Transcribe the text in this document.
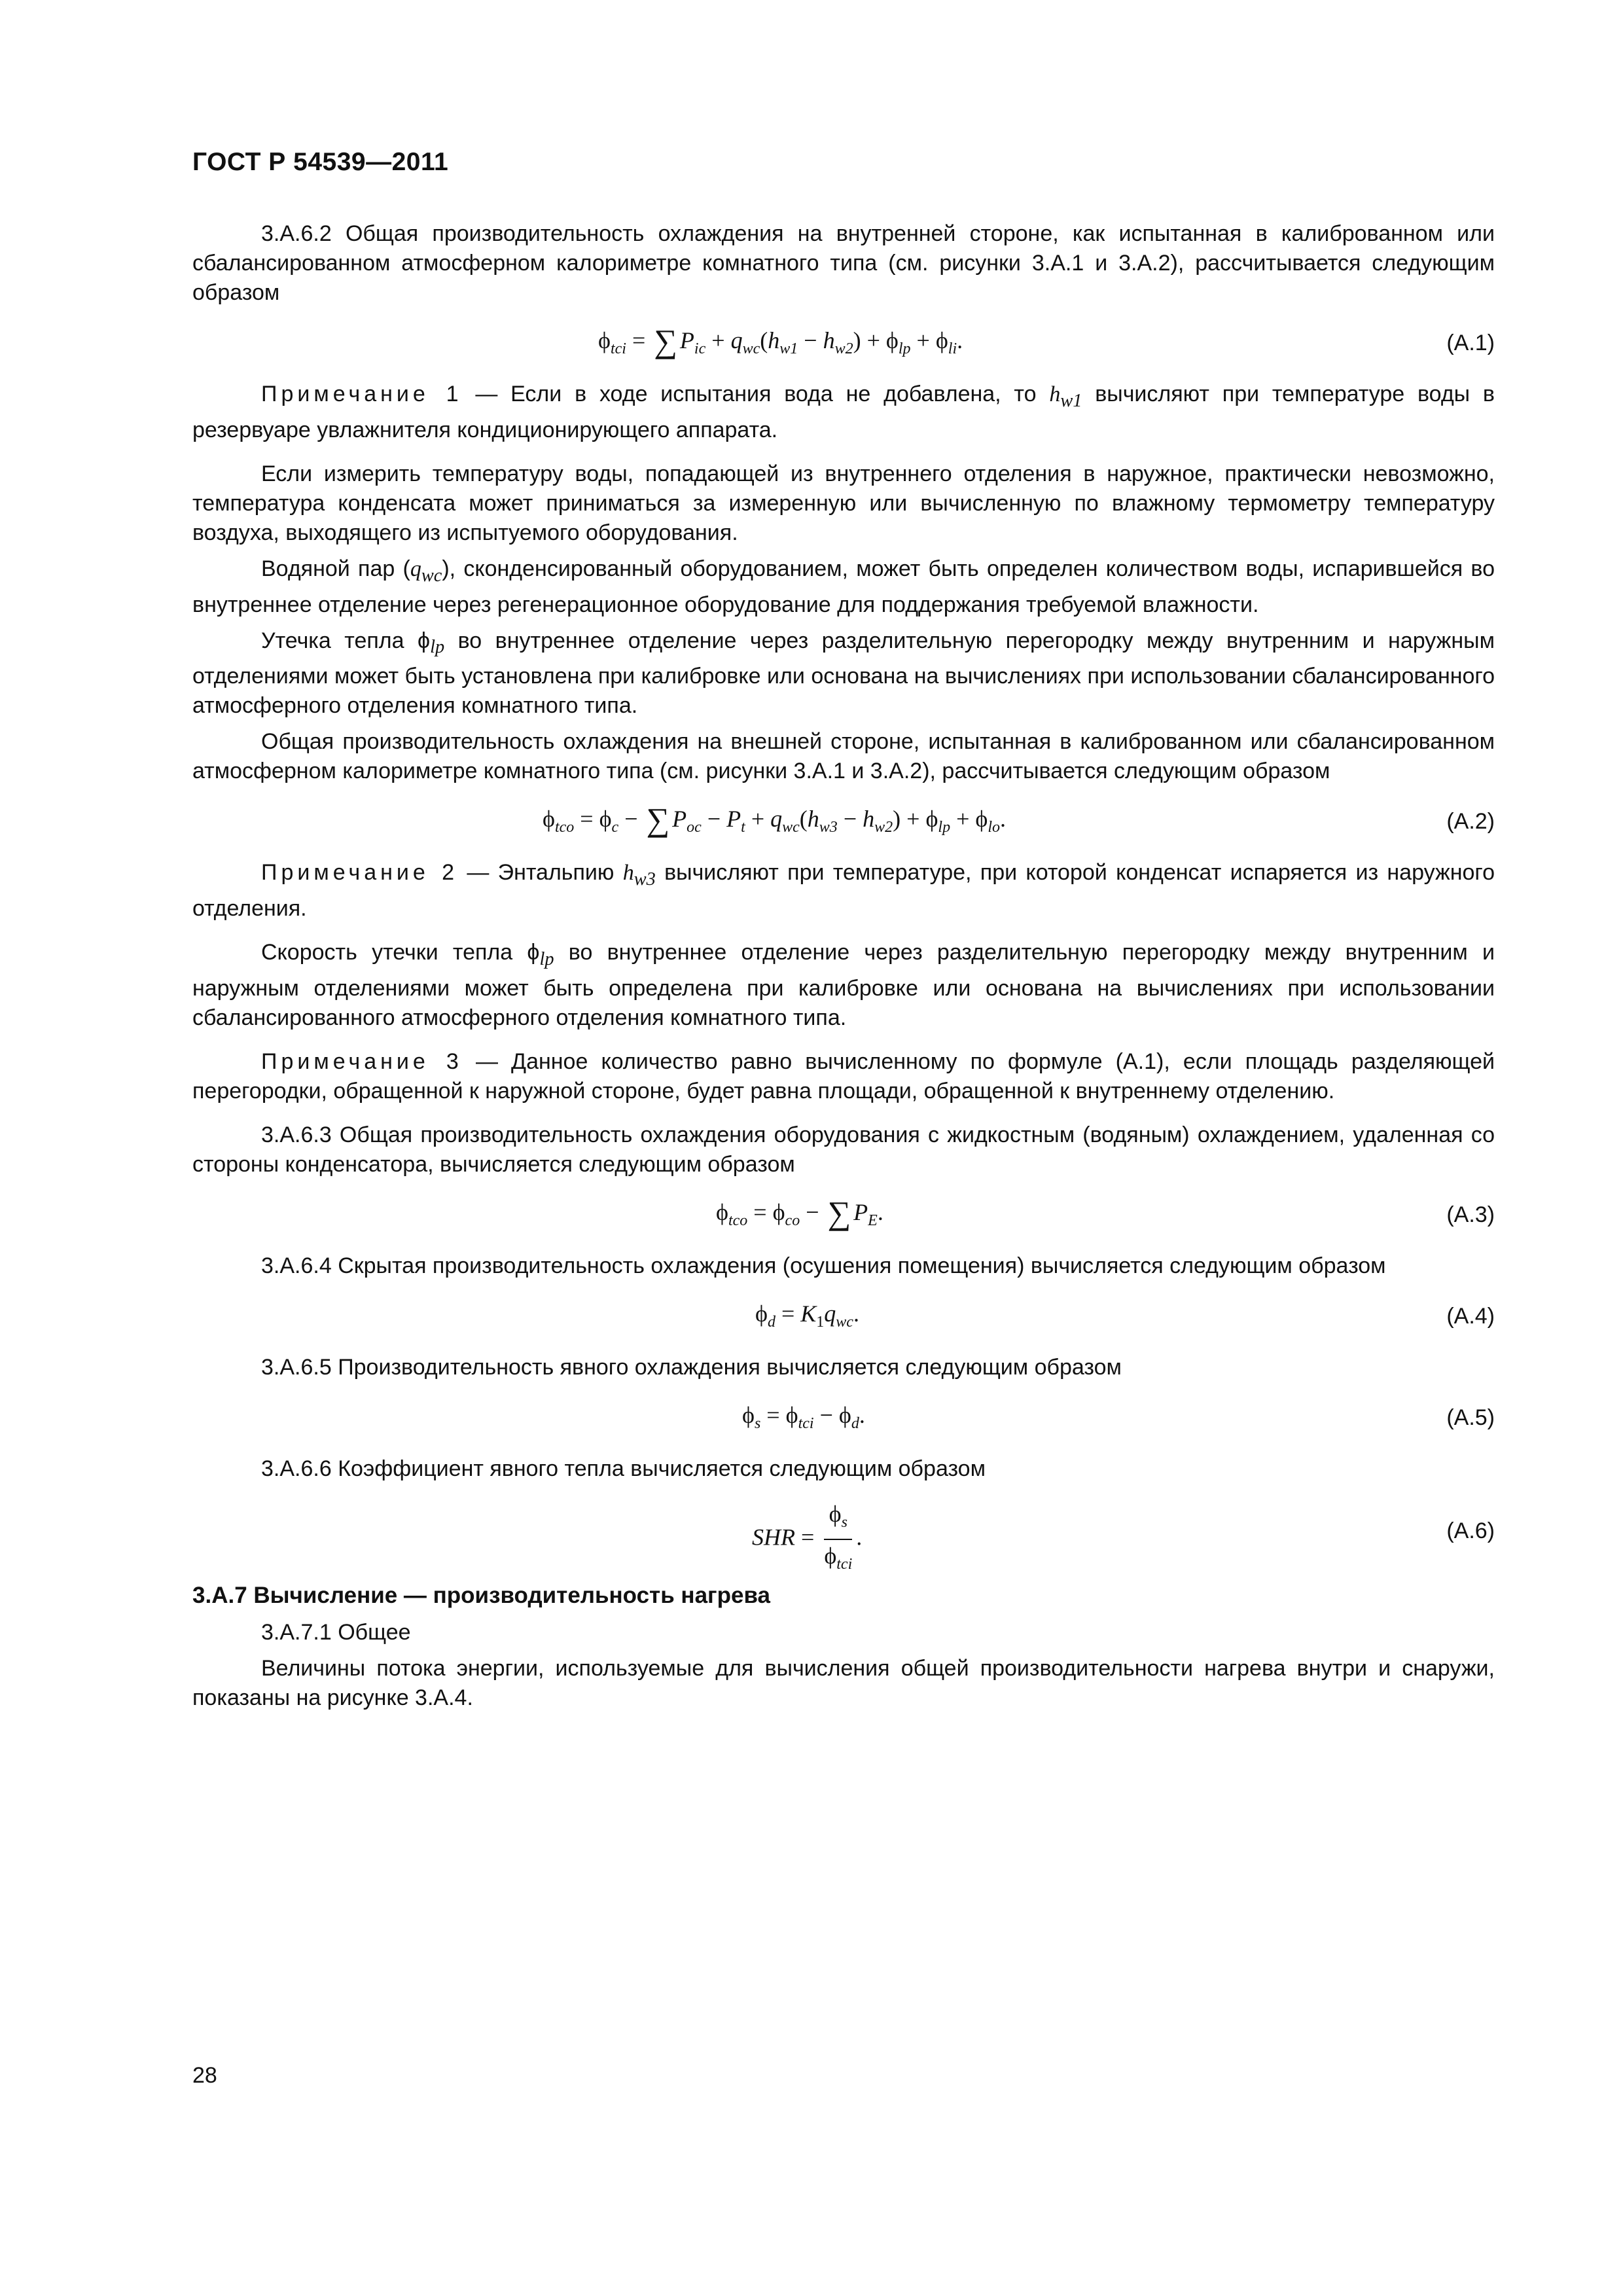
ГОСТ Р 54539—2011

3.А.6.2 Общая производительность охлаждения на внутренней стороне, как испытанная в калиброванном или сбалансированном атмосферном калориметре комнатного типа (см. рисунки 3.А.1 и 3.А.2), рассчитывается следующим образом

$\phi_{tci}$ = ∑ $P_{ic} + q_{wc}(h_{w1} - h_{w2}) + \phi_{lp} + \phi_{li}$.	(А.1)

Примечание 1 — Если в ходе испытания вода не добавлена, то $h_{w1}$ вычисляют при температуре воды в резервуаре увлажнителя кондиционирующего аппарата.

Если измерить температуру воды, попадающей из внутреннего отделения в наружное, практически невозможно, температура конденсата может приниматься за измеренную или вычисленную по влажному термометру температуру воздуха, выходящего из испытуемого оборудования.

Водяной пар $(q_{wc})$, сконденсированный оборудованием, может быть определен количеством воды, испарившейся во внутреннее отделение через регенерационное оборудование для поддержания требуемой влажности.

Утечка тепла $\phi_{lp}$ во внутреннее отделение через разделительную перегородку между внутренним и наружным отделениями может быть установлена при калибровке или основана на вычислениях при использовании сбалансированного атмосферного отделения комнатного типа.

Общая производительность охлаждения на внешней стороне, испытанная в калиброванном или сбалансированном атмосферном калориметре комнатного типа (см. рисунки 3.А.1 и 3.А.2), рассчитывается следующим образом

$\phi_{tco} = \phi_c$ − ∑ $P_{oc} - P_t + q_{wc}(h_{w3} - h_{w2}) + \phi_{lp} + \phi_{lo}$.	(А.2)

Примечание 2 — Энтальпию $h_{w3}$ вычисляют при температуре, при которой конденсат испаряется из наружного отделения.

Скорость утечки тепла $\phi_{lp}$ во внутреннее отделение через разделительную перегородку между внутренним и наружным отделениями может быть определена при калибровке или основана на вычислениях при использовании сбалансированного атмосферного отделения комнатного типа.

Примечание 3 — Данное количество равно вычисленному по формуле (А.1), если площадь разделяющей перегородки, обращенной к наружной стороне, будет равна площади, обращенной к внутреннему отделению.

3.А.6.3 Общая производительность охлаждения оборудования с жидкостным (водяным) охлаждением, удаленная со стороны конденсатора, вычисляется следующим образом

$\phi_{tco} = \phi_{co}$ − ∑ $P_E$.	(А.3)

3.А.6.4 Скрытая производительность охлаждения (осушения помещения) вычисляется следующим образом

$\phi_d = K_1q_{wc}$.	(А.4)

3.А.6.5 Производительность явного охлаждения вычисляется следующим образом

$\phi_s = \phi_{tci} - \phi_d$.	(А.5)

3.А.6.6 Коэффициент явного тепла вычисляется следующим образом

SHR = $\frac{\phi_s}{\phi_{tci}}$ .	(А.6)

3.А.7 Вычисление — производительность нагрева

3.А.7.1 Общее

Величины потока энергии, используемые для вычисления общей производительности нагрева внутри и снаружи, показаны на рисунке 3.А.4.

28
